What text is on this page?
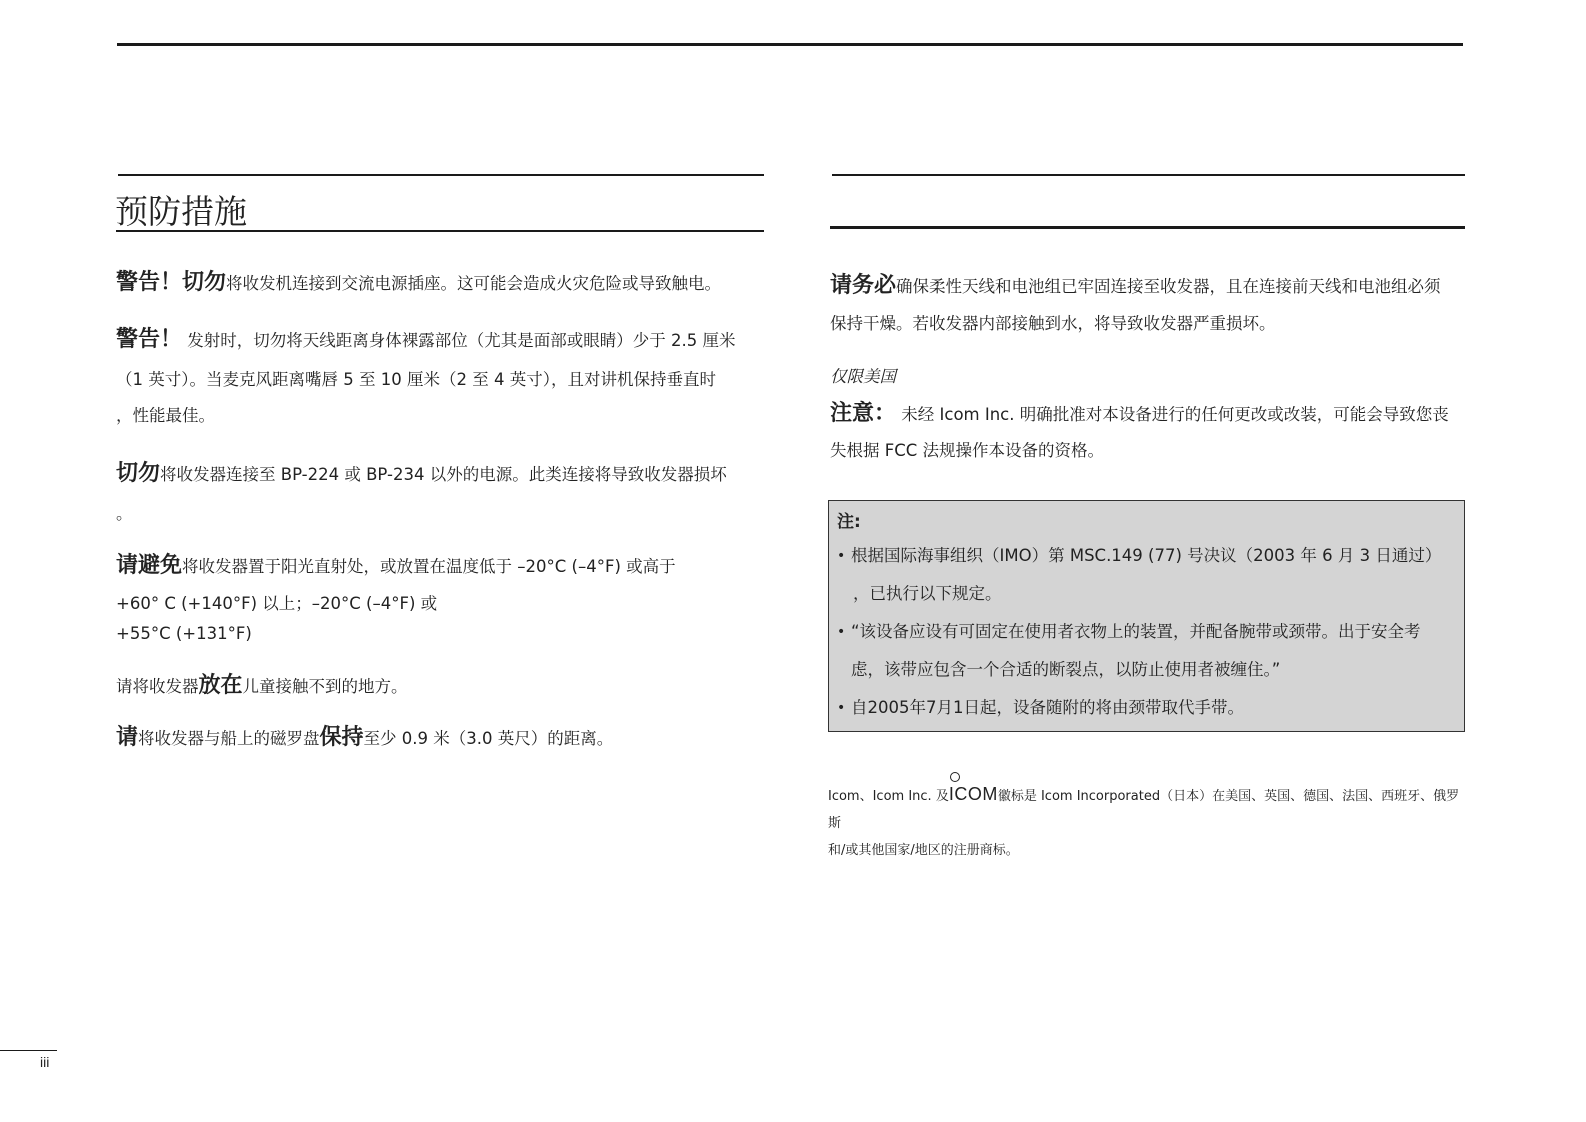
预防措施

警告！切勿将收发机连接到交流电源插座。这可能会造成火灾危险或导致触电。

警告！ 发射时，切勿将天线距离身体裸露部位（尤其是面部或眼睛）少于 2.5 厘米

（1 英寸）。当麦克风距离嘴唇 5 至 10 厘米（2 至 4 英寸），且对讲机保持垂直时

，性能最佳。

切勿将收发器连接至 BP-224 或 BP-234 以外的电源。此类连接将导致收发器损坏

。

请避免将收发器置于阳光直射处，或放置在温度低于 –20°C (–4°F) 或高于

+60° C (+140°F) 以上；–20°C (–4°F) 或

+55°C (+131°F)

请将收发器放在儿童接触不到的地方。

请将收发器与船上的磁罗盘保持至少 0.9 米（3.0 英尺）的距离。

请务必确保柔性天线和电池组已牢固连接至收发器，且在连接前天线和电池组必须

保持干燥。若收发器内部接触到水，将导致收发器严重损坏。

仅限美国

注意： 未经 Icom Inc. 明确批准对本设备进行的任何更改或改装，可能会导致您丧

失根据 FCC 法规操作本设备的资格。

注:
• 根据国际海事组织（IMO）第 MSC.149 (77) 号决议（2003 年 6 月 3 日通过）
，已执行以下规定。
• “该设备应设有可固定在使用者衣物上的装置，并配备腕带或颈带。出于安全考
虑，该带应包含一个合适的断裂点，以防止使用者被缠住。”
• 自2005年7月1日起，设备随附的将由颈带取代手带。
Icom、Icom Inc. 及
ICOM徽标是 Icom Incorporated（日本）在美国、英国、德国、法国、西班牙、俄罗斯
和/或其他国家/地区的注册商标。
iii
